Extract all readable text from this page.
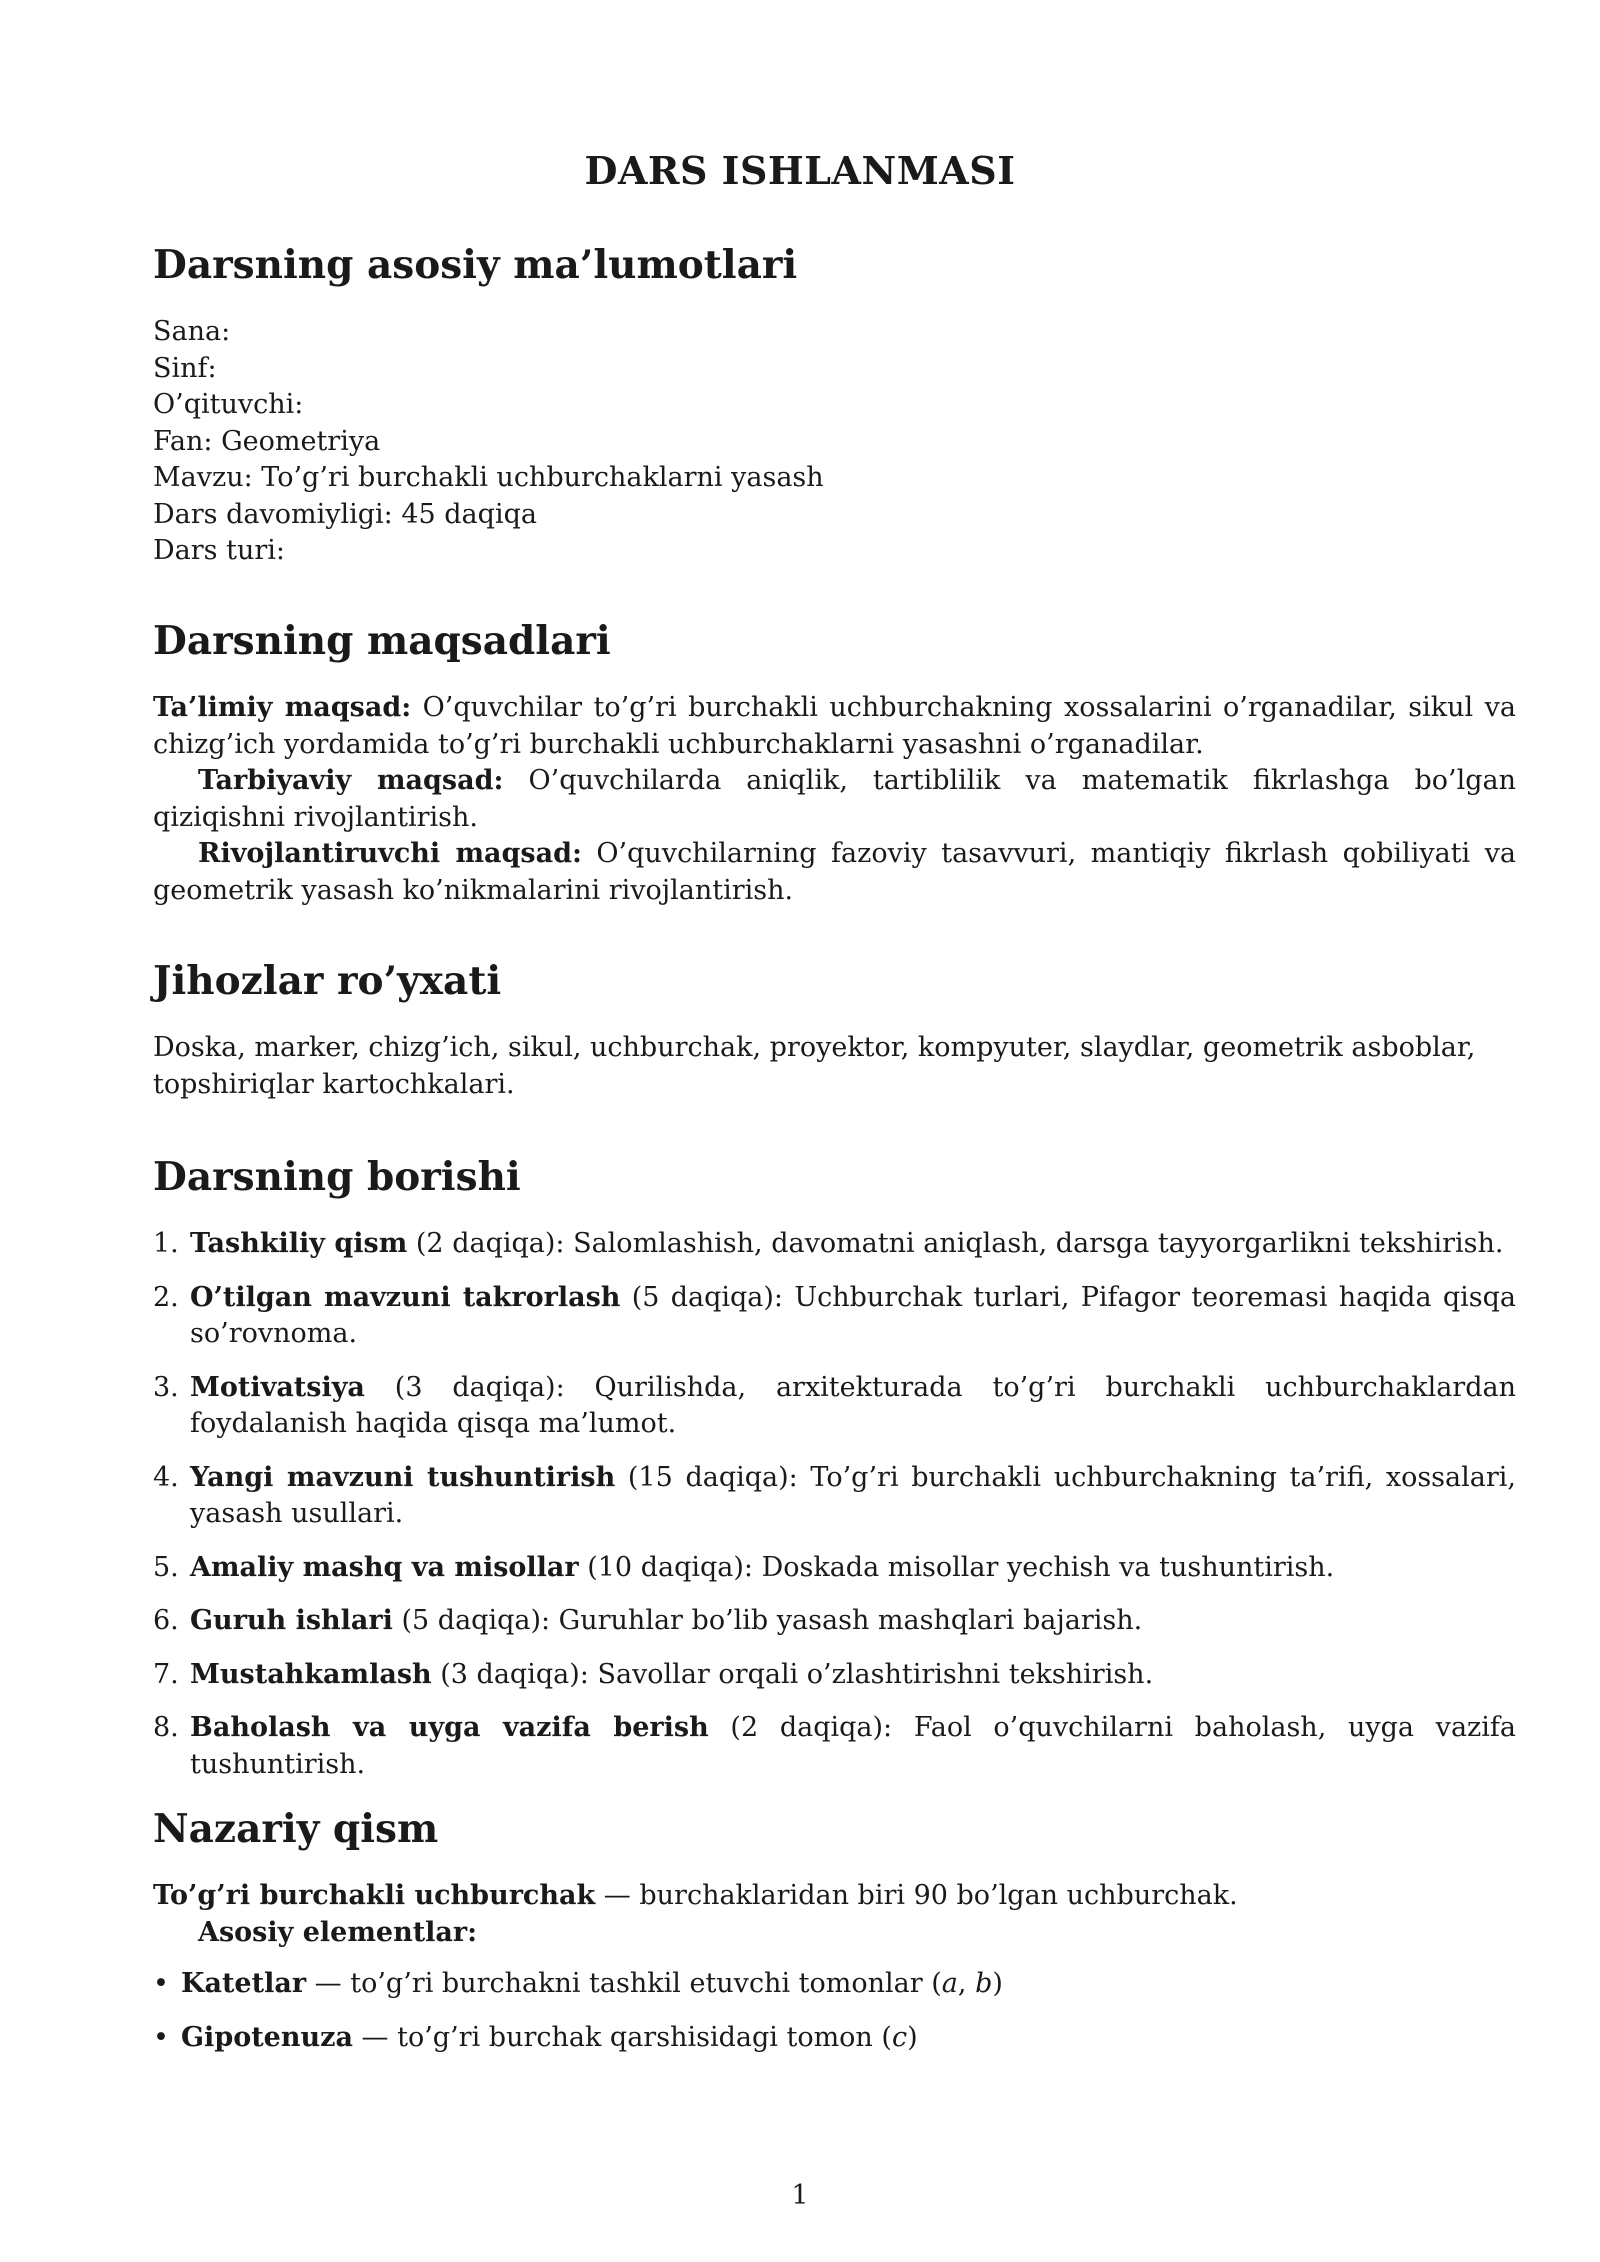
DARS ISHLANMASI
Darsning asosiy ma’lumotlari
Sana:
Sinf:
O’qituvchi:
Fan: Geometriya
Mavzu: To’g’ri burchakli uchburchaklarni yasash
Dars davomiyligi: 45 daqiqa
Dars turi:
Darsning maqsadlari

Ta’limiy maqsad: O’quvchilar to’g’ri burchakli uchburchakning xossalarini o’rganadilar, sikul va chizg’ich yordamida to’g’ri burchakli uchburchaklarni yasashni o’rganadilar.

Tarbiyaviy maqsad: O’quvchilarda aniqlik, tartiblilik va matematik fikrlashga bo’lgan qiziqishni rivojlantirish.

Rivojlantiruvchi maqsad: O’quvchilarning fazoviy tasavvuri, mantiqiy fikrlash qobiliyati va geometrik yasash ko’nikmalarini rivojlantirish.

Jihozlar ro’yxati

Doska, marker, chizg’ich, sikul, uchburchak, proyektor, kompyuter, slaydlar, geometrik asboblar, topshiriqlar kartochkalari.

Darsning borishi
1. Tashkiliy qism (2 daqiqa): Salomlashish, davomatni aniqlash, darsga tayyorgarlikni tekshirish.
2. O’tilgan mavzuni takrorlash (5 daqiqa): Uchburchak turlari, Pifagor teoremasi haqida qisqa so’rovnoma.
3. Motivatsiya (3 daqiqa): Qurilishda, arxitekturada to’g’ri burchakli uchburchaklardan foydalanish haqida qisqa ma’lumot.
4. Yangi mavzuni tushuntirish (15 daqiqa): To’g’ri burchakli uchburchakning ta’rifi, xossalari, yasash usullari.
5. Amaliy mashq va misollar (10 daqiqa): Doskada misollar yechish va tushuntirish.
6. Guruh ishlari (5 daqiqa): Guruhlar bo’lib yasash mashqlari bajarish.
7. Mustahkamlash (3 daqiqa): Savollar orqali o’zlashtirishni tekshirish.
8. Baholash va uyga vazifa berish (2 daqiqa): Faol o’quvchilarni baholash, uyga vazifa tushuntirish.
Nazariy qism

To’g’ri burchakli uchburchak — burchaklaridan biri 90 bo’lgan uchburchak.

Asosiy elementlar:

• Katetlar — to’g’ri burchakni tashkil etuvchi tomonlar (a, b)
• Gipotenuza — to’g’ri burchak qarshisidagi tomon (c)
1
